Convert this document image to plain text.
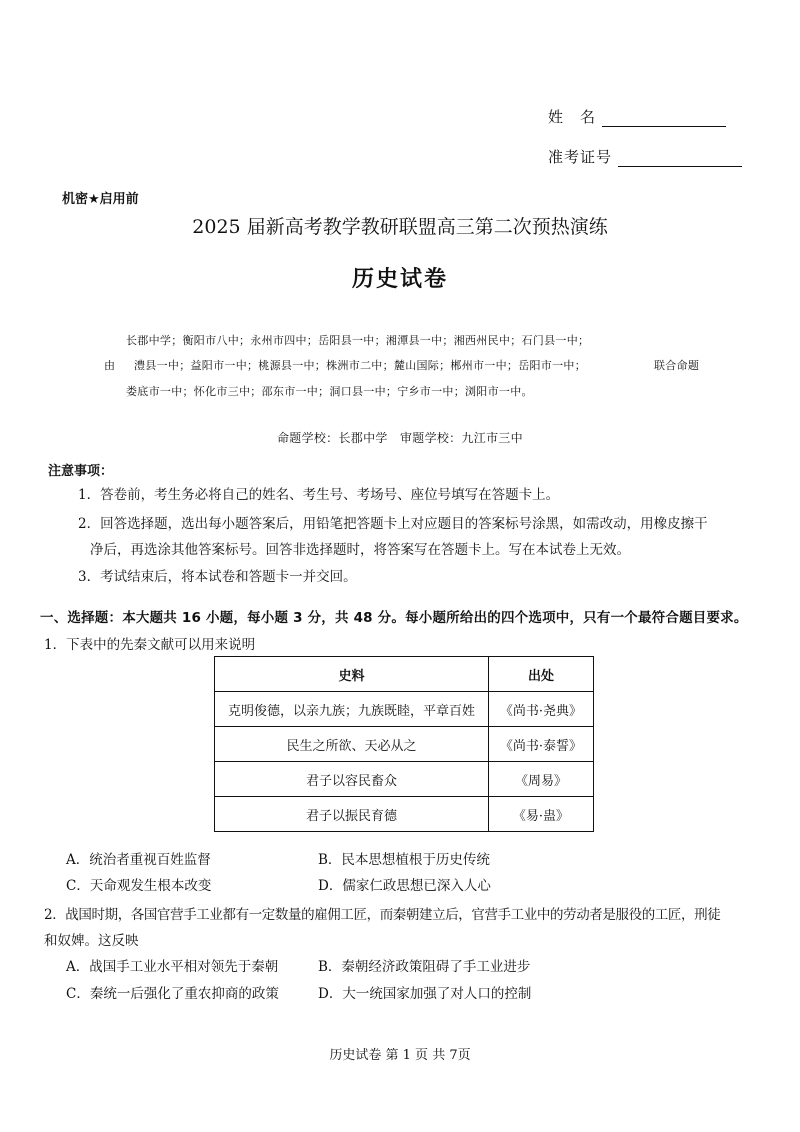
姓　名
准考证号
机密★启用前
2025 届新高考教学教研联盟高三第二次预热演练
历史试卷
长郡中学；衡阳市八中；永州市四中；岳阳县一中；湘潭县一中；湘西州民中；石门县一中；
由 澧县一中；益阳市一中；桃源县一中；株洲市二中；麓山国际；郴州市一中；岳阳市一中；	联合命题
娄底市一中；怀化市三中；邵东市一中；洞口县一中；宁乡市一中；浏阳市一中。
命题学校：长郡中学　审题学校：九江市三中
注意事项：
1．答卷前，考生务必将自己的姓名、考生号、考场号、座位号填写在答题卡上。
2．回答选择题，选出每小题答案后，用铅笔把答题卡上对应题目的答案标号涂黑，如需改动，用橡皮擦干
净后，再选涂其他答案标号。回答非选择题时，将答案写在答题卡上。写在本试卷上无效。
3．考试结束后，将本试卷和答题卡一并交回。
一、选择题：本大题共 16 小题，每小题 3 分，共 48 分。每小题所给出的四个选项中，只有一个最符合题目要求。
1．下表中的先秦文献可以用来说明
史料	出处
克明俊德，以亲九族；九族既睦，平章百姓	《尚书·尧典》
民生之所欲、天必从之	《尚书·泰誓》
君子以容民畜众	《周易》
君子以振民育德	《易·蛊》
A．统治者重视百姓监督	B．民本思想植根于历史传统
C．天命观发生根本改变	D．儒家仁政思想已深入人心
2．战国时期，各国官营手工业都有一定数量的雇佣工匠，而秦朝建立后，官营手工业中的劳动者是服役的工匠，刑徒
和奴婢。这反映
A．战国手工业水平相对领先于秦朝	B．秦朝经济政策阻碍了手工业进步
C．秦统一后强化了重农抑商的政策	D．大一统国家加强了对人口的控制
历史试卷 第 1 页 共 7页
